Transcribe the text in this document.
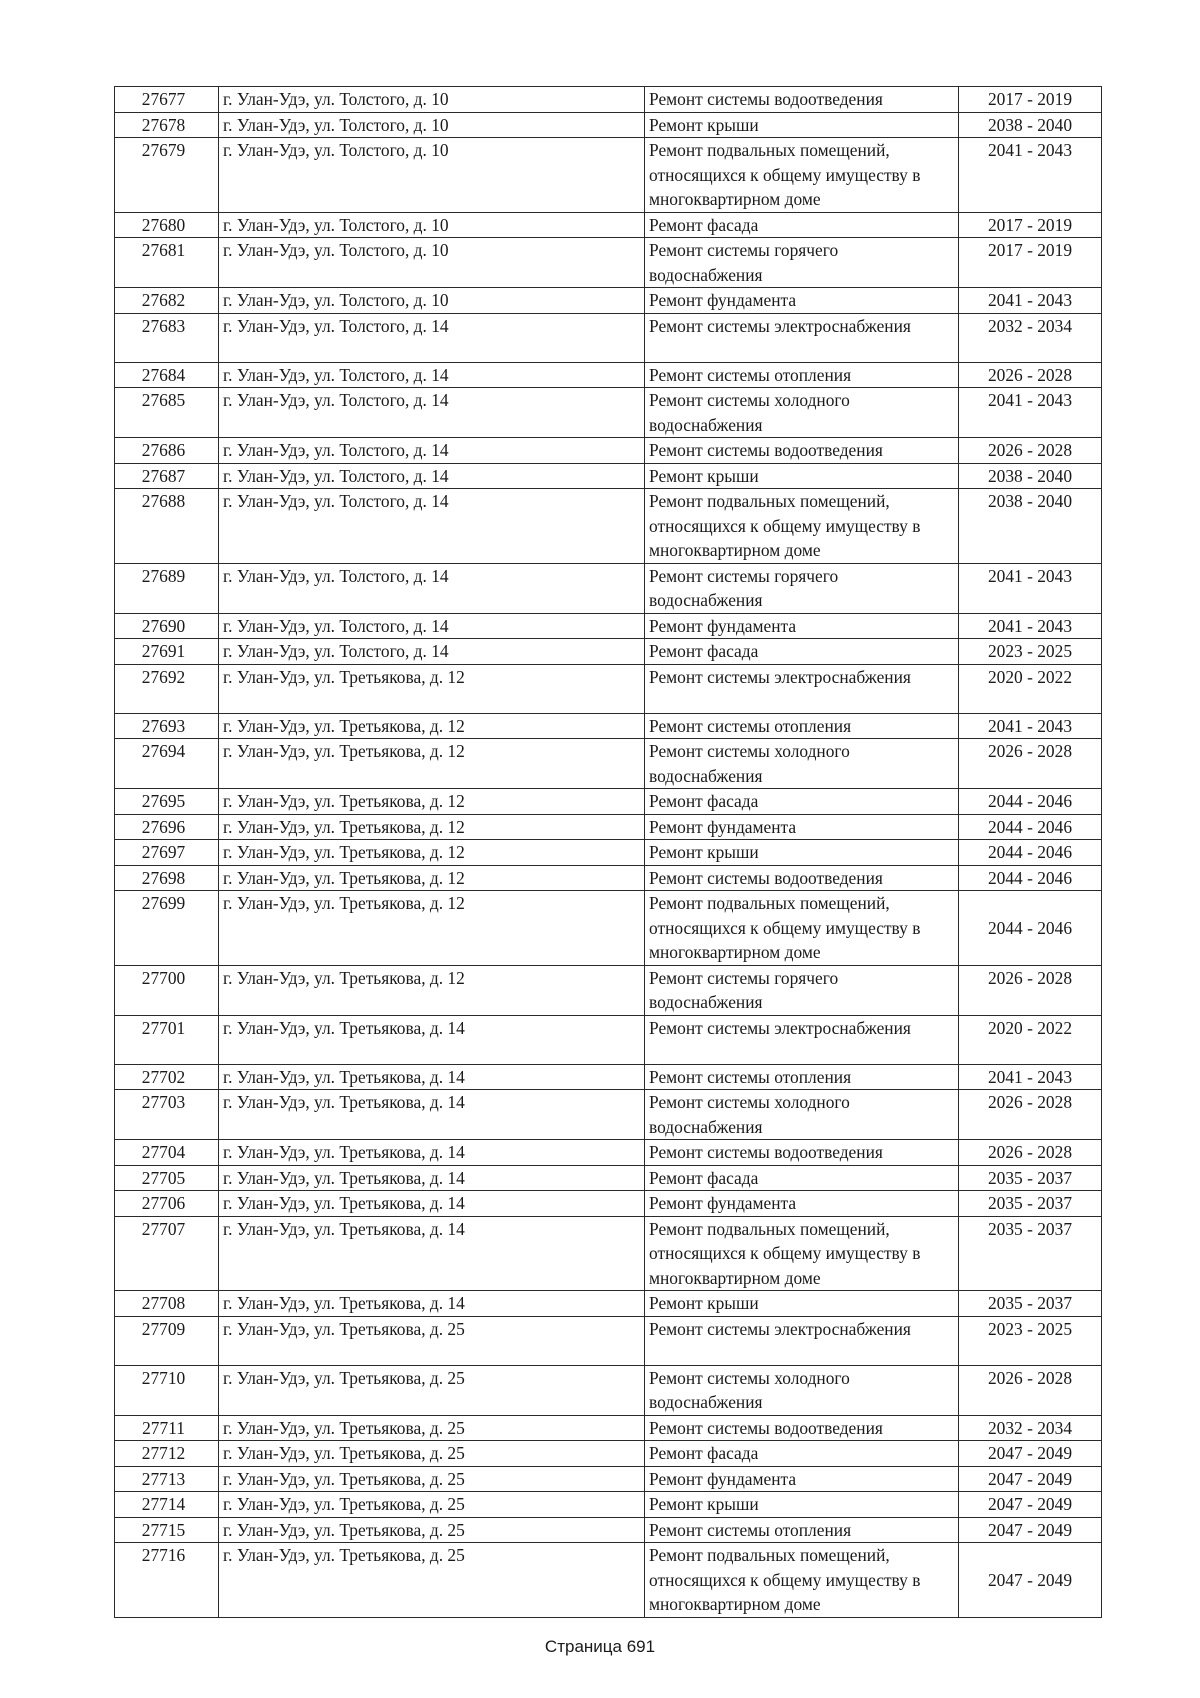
27677	г. Улан-Удэ, ул. Толстого, д. 10	Ремонт системы водоотведения	2017 - 2019
27678	г. Улан-Удэ, ул. Толстого, д. 10	Ремонт крыши	2038 - 2040
27679	г. Улан-Удэ, ул. Толстого, д. 10	Ремонт подвальных помещений, относящихся к общему имуществу в многоквартирном доме	2041 - 2043
27680	г. Улан-Удэ, ул. Толстого, д. 10	Ремонт фасада	2017 - 2019
27681	г. Улан-Удэ, ул. Толстого, д. 10	Ремонт системы горячего водоснабжения	2017 - 2019
27682	г. Улан-Удэ, ул. Толстого, д. 10	Ремонт фундамента	2041 - 2043
27683	г. Улан-Удэ, ул. Толстого, д. 14	Ремонт системы электроснабжения	2032 - 2034
27684	г. Улан-Удэ, ул. Толстого, д. 14	Ремонт системы отопления	2026 - 2028
27685	г. Улан-Удэ, ул. Толстого, д. 14	Ремонт системы холодного водоснабжения	2041 - 2043
27686	г. Улан-Удэ, ул. Толстого, д. 14	Ремонт системы водоотведения	2026 - 2028
27687	г. Улан-Удэ, ул. Толстого, д. 14	Ремонт крыши	2038 - 2040
27688	г. Улан-Удэ, ул. Толстого, д. 14	Ремонт подвальных помещений, относящихся к общему имуществу в многоквартирном доме	2038 - 2040
27689	г. Улан-Удэ, ул. Толстого, д. 14	Ремонт системы горячего водоснабжения	2041 - 2043
27690	г. Улан-Удэ, ул. Толстого, д. 14	Ремонт фундамента	2041 - 2043
27691	г. Улан-Удэ, ул. Толстого, д. 14	Ремонт фасада	2023 - 2025
27692	г. Улан-Удэ, ул. Третьякова, д. 12	Ремонт системы электроснабжения	2020 - 2022
27693	г. Улан-Удэ, ул. Третьякова, д. 12	Ремонт системы отопления	2041 - 2043
27694	г. Улан-Удэ, ул. Третьякова, д. 12	Ремонт системы холодного водоснабжения	2026 - 2028
27695	г. Улан-Удэ, ул. Третьякова, д. 12	Ремонт фасада	2044 - 2046
27696	г. Улан-Удэ, ул. Третьякова, д. 12	Ремонт фундамента	2044 - 2046
27697	г. Улан-Удэ, ул. Третьякова, д. 12	Ремонт крыши	2044 - 2046
27698	г. Улан-Удэ, ул. Третьякова, д. 12	Ремонт системы водоотведения	2044 - 2046
27699	г. Улан-Удэ, ул. Третьякова, д. 12	Ремонт подвальных помещений, относящихся к общему имуществу в многоквартирном доме	2044 - 2046
27700	г. Улан-Удэ, ул. Третьякова, д. 12	Ремонт системы горячего водоснабжения	2026 - 2028
27701	г. Улан-Удэ, ул. Третьякова, д. 14	Ремонт системы электроснабжения	2020 - 2022
27702	г. Улан-Удэ, ул. Третьякова, д. 14	Ремонт системы отопления	2041 - 2043
27703	г. Улан-Удэ, ул. Третьякова, д. 14	Ремонт системы холодного водоснабжения	2026 - 2028
27704	г. Улан-Удэ, ул. Третьякова, д. 14	Ремонт системы водоотведения	2026 - 2028
27705	г. Улан-Удэ, ул. Третьякова, д. 14	Ремонт фасада	2035 - 2037
27706	г. Улан-Удэ, ул. Третьякова, д. 14	Ремонт фундамента	2035 - 2037
27707	г. Улан-Удэ, ул. Третьякова, д. 14	Ремонт подвальных помещений, относящихся к общему имуществу в многоквартирном доме	2035 - 2037
27708	г. Улан-Удэ, ул. Третьякова, д. 14	Ремонт крыши	2035 - 2037
27709	г. Улан-Удэ, ул. Третьякова, д. 25	Ремонт системы электроснабжения	2023 - 2025
27710	г. Улан-Удэ, ул. Третьякова, д. 25	Ремонт системы холодного водоснабжения	2026 - 2028
27711	г. Улан-Удэ, ул. Третьякова, д. 25	Ремонт системы водоотведения	2032 - 2034
27712	г. Улан-Удэ, ул. Третьякова, д. 25	Ремонт фасада	2047 - 2049
27713	г. Улан-Удэ, ул. Третьякова, д. 25	Ремонт фундамента	2047 - 2049
27714	г. Улан-Удэ, ул. Третьякова, д. 25	Ремонт крыши	2047 - 2049
27715	г. Улан-Удэ, ул. Третьякова, д. 25	Ремонт системы отопления	2047 - 2049
27716	г. Улан-Удэ, ул. Третьякова, д. 25	Ремонт подвальных помещений, относящихся к общему имуществу в многоквартирном доме	2047 - 2049
Страница 691
